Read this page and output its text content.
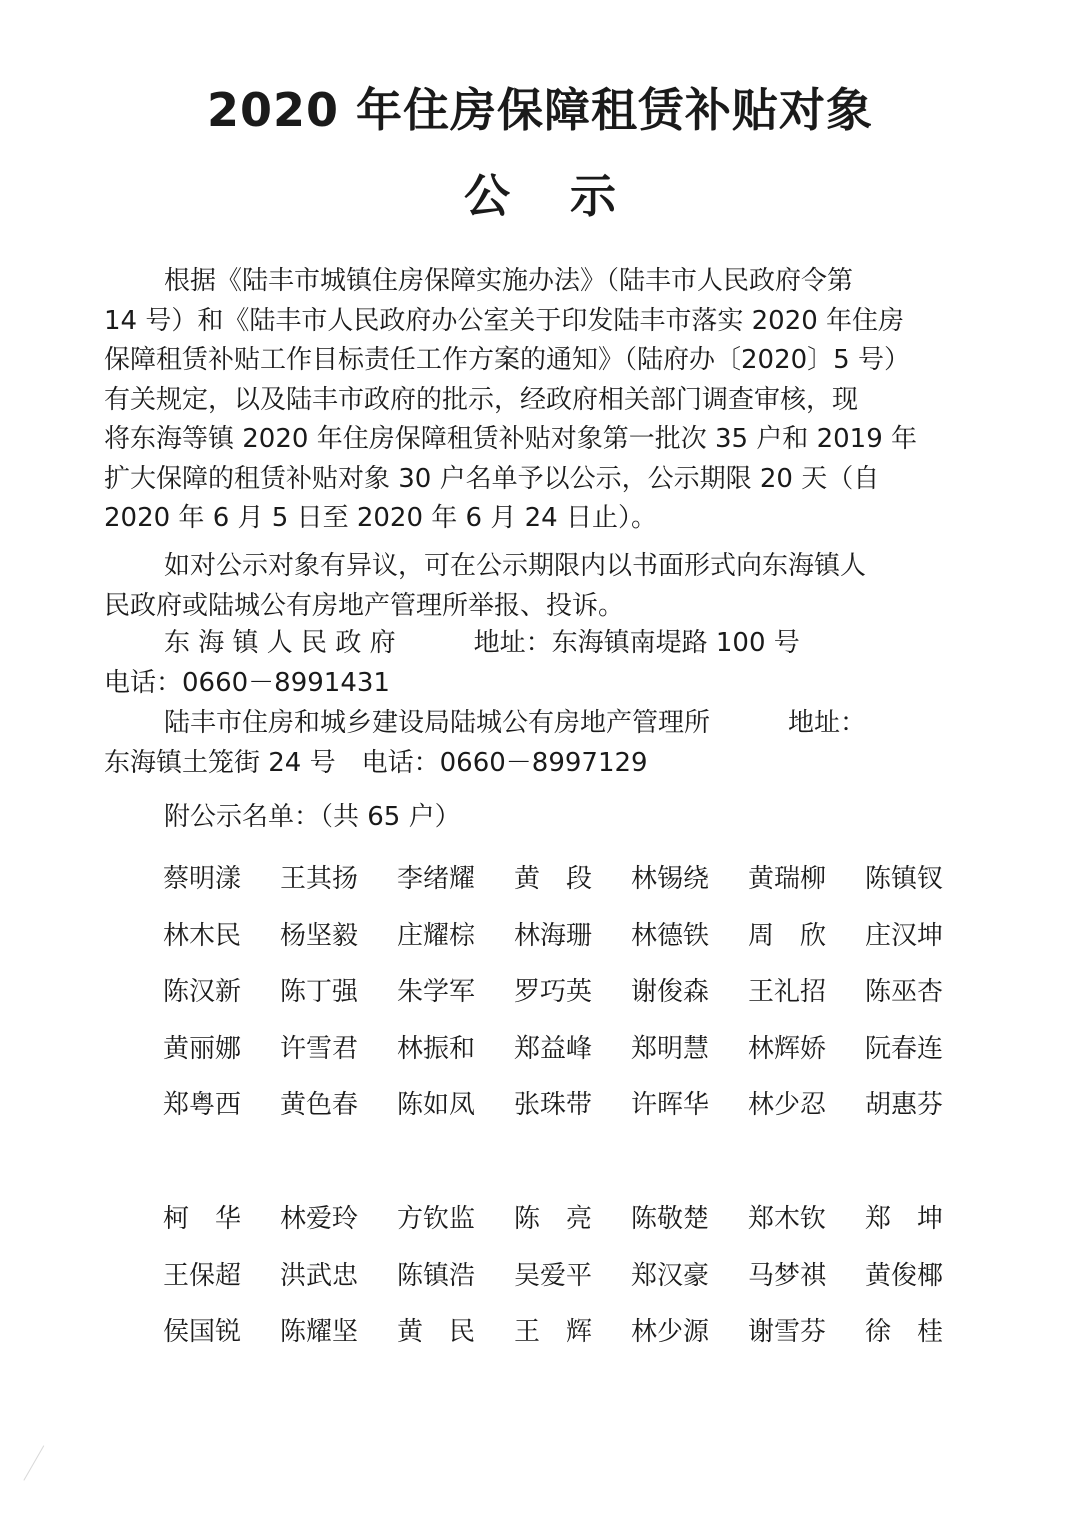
2020 年住房保障租赁补贴对象
公示
根据《陆丰市城镇住房保障实施办法》（陆丰市人民政府令第
14 号）和《陆丰市人民政府办公室关于印发陆丰市落实 2020 年住房
保障租赁补贴工作目标责任工作方案的通知》（陆府办〔2020〕5 号）
有关规定，以及陆丰市政府的批示，经政府相关部门调查审核，现
将东海等镇 2020 年住房保障租赁补贴对象第一批次 35 户和 2019 年
扩大保障的租赁补贴对象 30 户名单予以公示，公示期限 20 天（自
2020 年 6 月 5 日至 2020 年 6 月 24 日止）。
如对公示对象有异议，可在公示期限内以书面形式向东海镇人
民政府或陆城公有房地产管理所举报、投诉。
东 海 镇 人 民 政 府	地址：东海镇南堤路 100 号
电话：0660－8991431
陆丰市住房和城乡建设局陆城公有房地产管理所	地址：
东海镇土笼街 24 号　电话：0660－8997129
附公示名单：（共 65 户）
蔡明漾	王其扬	李绪耀	黄　段	林锡绕	黄瑞柳	陈镇钗
林木民	杨坚毅	庄耀棕	林海珊	林德铁	周　欣	庄汉坤
陈汉新	陈丁强	朱学军	罗巧英	谢俊森	王礼招	陈巫杏
黄丽娜	许雪君	林振和	郑益峰	郑明慧	林辉娇	阮春连
郑粤西	黄色春	陈如凤	张珠带	许晖华	林少忍	胡惠芬
柯　华	林爱玲	方钦监	陈　亮	陈敬楚	郑木钦	郑　坤
王保超	洪武忠	陈镇浩	吴爱平	郑汉豪	马梦祺	黄俊椰
侯国锐	陈耀坚	黄　民	王　辉	林少源	谢雪芬	徐　桂
